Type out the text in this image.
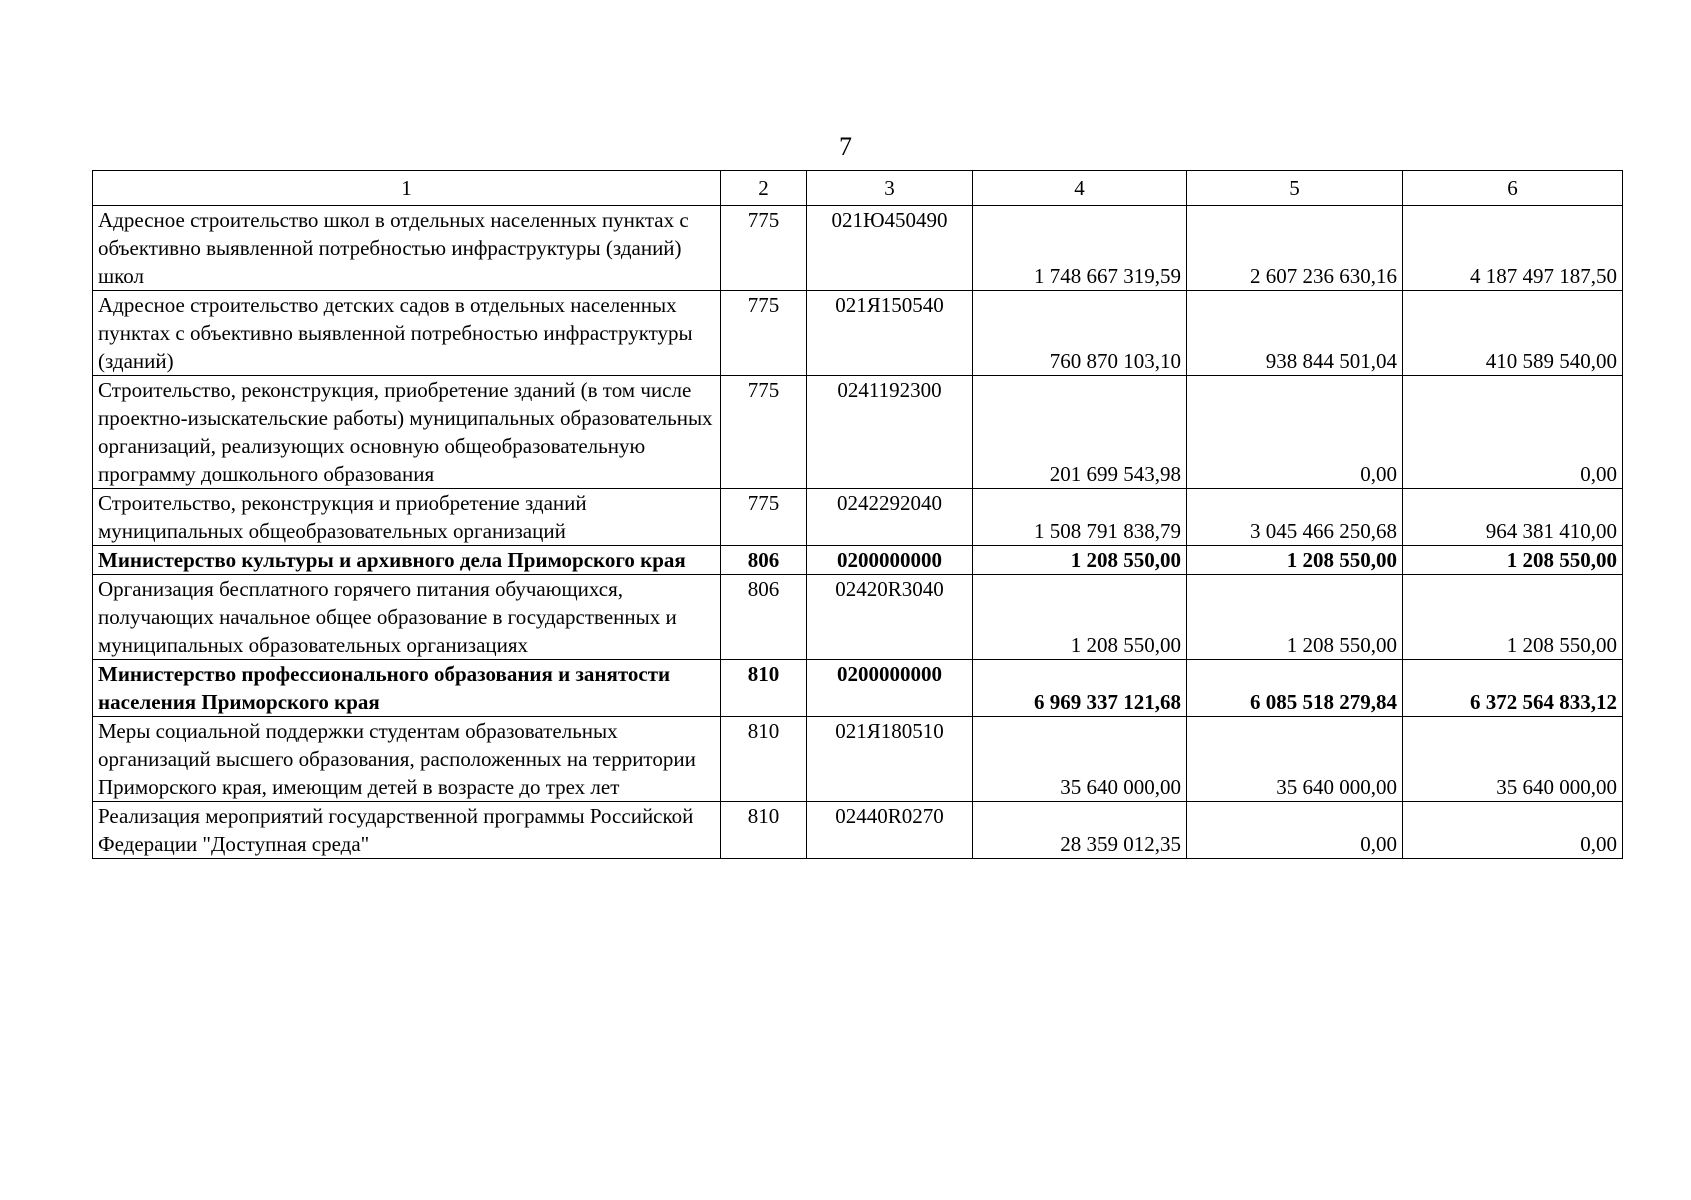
7
1	2	3	4	5	6
Адресное строительство школ в отдельных населенных пунктах с объективно выявленной потребностью инфраструктуры (зданий) школ	775	021Ю450490	1 748 667 319,59	2 607 236 630,16	4 187 497 187,50
Адресное строительство детских садов в отдельных населенных пунктах с объективно выявленной потребностью инфраструктуры (зданий)	775	021Я150540	760 870 103,10	938 844 501,04	410 589 540,00
Строительство, реконструкция, приобретение зданий (в том числе проектно-изыскательские работы) муниципальных образовательных организаций, реализующих основную общеобразовательную программу дошкольного образования	775	0241192300	201 699 543,98	0,00	0,00
Строительство, реконструкция и приобретение зданий муниципальных общеобразовательных организаций	775	0242292040	1 508 791 838,79	3 045 466 250,68	964 381 410,00
Министерство культуры и архивного дела Приморского края	806	0200000000	1 208 550,00	1 208 550,00	1 208 550,00
Организация бесплатного горячего питания обучающихся, получающих начальное общее образование в государственных и муниципальных образовательных организациях	806	02420R3040	1 208 550,00	1 208 550,00	1 208 550,00
Министерство профессионального образования и занятости населения Приморского края	810	0200000000	6 969 337 121,68	6 085 518 279,84	6 372 564 833,12
Меры социальной поддержки студентам образовательных организаций высшего образования, расположенных на территории Приморского края, имеющим детей в возрасте до трех лет	810	021Я180510	35 640 000,00	35 640 000,00	35 640 000,00
Реализация мероприятий государственной программы Российской Федерации "Доступная среда"	810	02440R0270	28 359 012,35	0,00	0,00
